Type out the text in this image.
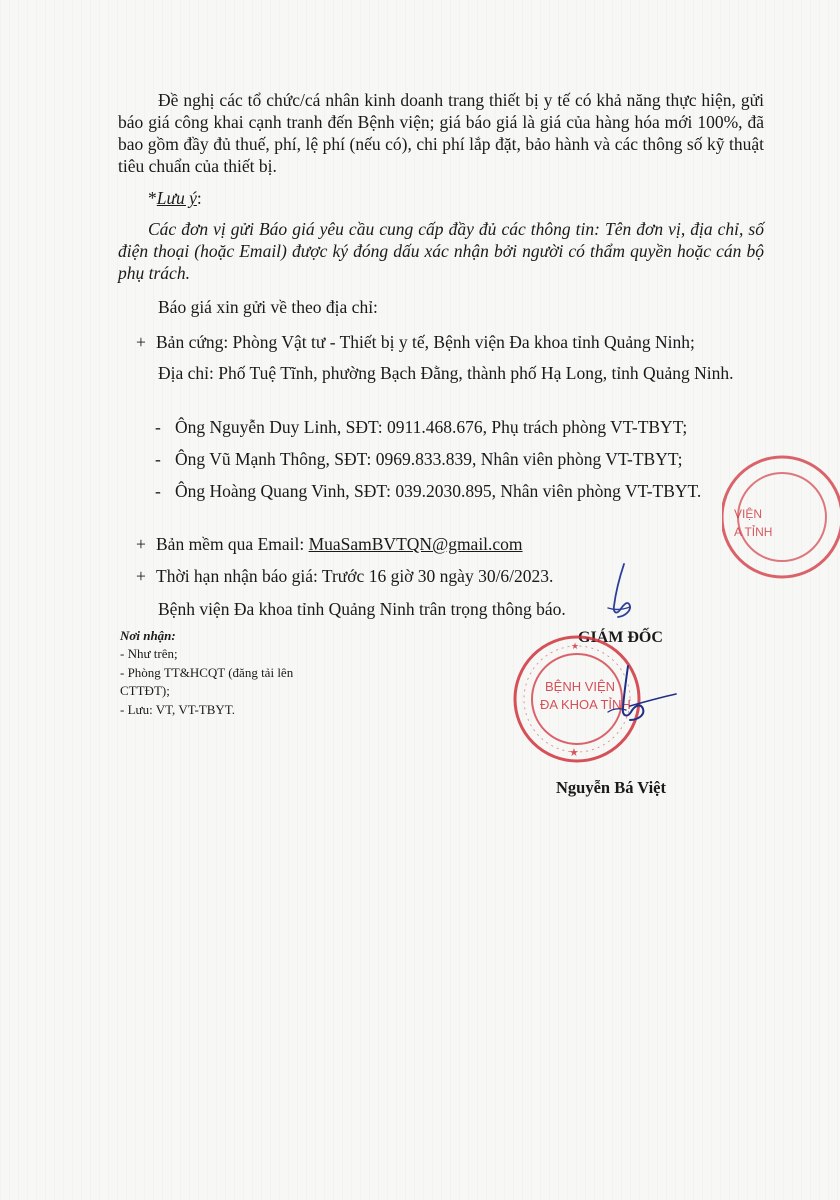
Đề nghị các tổ chức/cá nhân kinh doanh trang thiết bị y tế có khả năng thực hiện, gửi báo giá công khai cạnh tranh đến Bệnh viện; giá báo giá là giá của hàng hóa mới 100%, đã bao gồm đầy đủ thuế, phí, lệ phí (nếu có), chi phí lắp đặt, bảo hành và các thông số kỹ thuật tiêu chuẩn của thiết bị.

*Lưu ý:

Các đơn vị gửi Báo giá yêu cầu cung cấp đầy đủ các thông tin: Tên đơn vị, địa chỉ, số điện thoại (hoặc Email) được ký đóng dấu xác nhận bởi người có thẩm quyền hoặc cán bộ phụ trách.

Báo giá xin gửi về theo địa chỉ:

+ Bản cứng: Phòng Vật tư - Thiết bị y tế, Bệnh viện Đa khoa tỉnh Quảng Ninh;

Địa chỉ: Phố Tuệ Tĩnh, phường Bạch Đằng, thành phố Hạ Long, tỉnh Quảng Ninh.

- Ông Nguyễn Duy Linh, SĐT: 0911.468.676, Phụ trách phòng VT-TBYT;

- Ông Vũ Mạnh Thông, SĐT: 0969.833.839, Nhân viên phòng VT-TBYT;

- Ông Hoàng Quang Vinh, SĐT: 039.2030.895, Nhân viên phòng VT-TBYT.

+ Bản mềm qua Email: MuaSamBVTQN@gmail.com

+ Thời hạn nhận báo giá: Trước 16 giờ 30 ngày 30/6/2023.

Bệnh viện Đa khoa tỉnh Quảng Ninh trân trọng thông báo.

Nơi nhận:

- Như trên;

- Phòng TT&HCQT (đăng tải lên

CTTĐT);

- Lưu: VT, VT-TBYT.

GIÁM ĐỐC

Nguyễn Bá Việt

★
★
BỆNH VIỆN
ĐA KHOA TỈNH
VIỆN
A TỈNH
